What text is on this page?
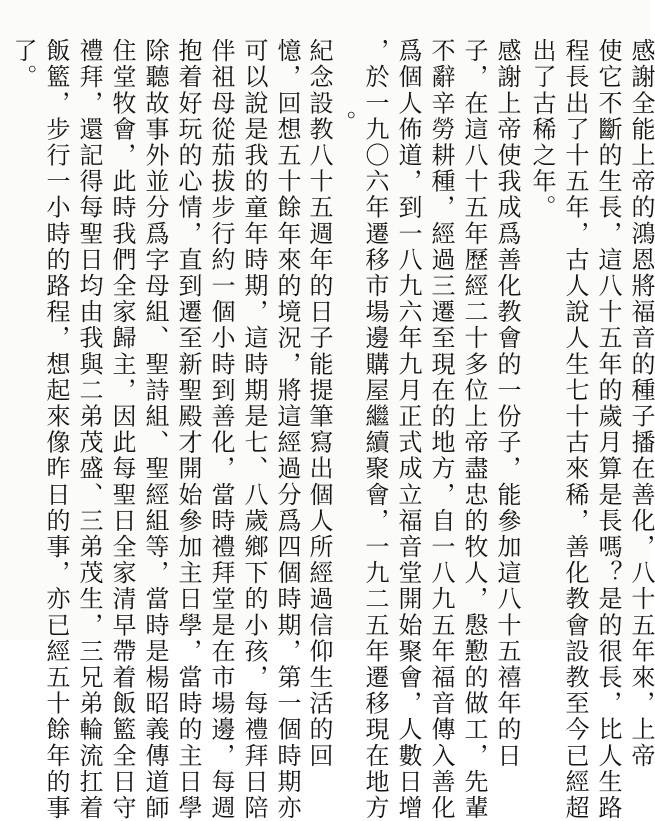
感謝全能上帝的鴻恩將福音的種子播在善化，八十五年來，上帝
使它不斷的生長，這八十五年的歲月算是長嗎？是的很長，比人生路
程長出了十五年，古人說人生七十古來稀，善化教會設教至今已經超
出了古稀之年。
感謝上帝使我成爲善化教會的一份子，能參加這八十五禧年的日
子，在這八十五年歷經二十多位上帝盡忠的牧人，慇懃的做工，先輩
不辭辛勞耕種，經過三遷至現在的地方，自一八九五年福音傳入善化
爲個人佈道，到一八九六年九月正式成立福音堂開始聚會，人數日增
，於一九〇六年遷移市場邊購屋繼續聚會，一九二五年遷移現在地方
。
紀念設教八十五週年的日子能提筆寫出個人所經過信仰生活的回
憶，回想五十餘年來的境況，將這經過分爲四個時期，第一個時期亦
可以說是我的童年時期，這時期是七、八歲鄉下的小孩，每禮拜日陪
伴祖母從茄拔步行約一個小時到善化，當時禮拜堂是在市場邊，每週
抱着好玩的心情，直到遷至新聖殿才開始參加主日學，當時的主日學
除聽故事外並分爲字母組、聖詩組、聖經組等，當時是楊昭義傳道師
住堂牧會，此時我們全家歸主，因此每聖日全家清早帶着飯籃全日守
禮拜，還記得每聖日均由我與二弟茂盛、三弟茂生，三兄弟輪流扛着
飯籃，步行一小時的路程，想起來像昨日的事，亦已經五十餘年的事
了。
